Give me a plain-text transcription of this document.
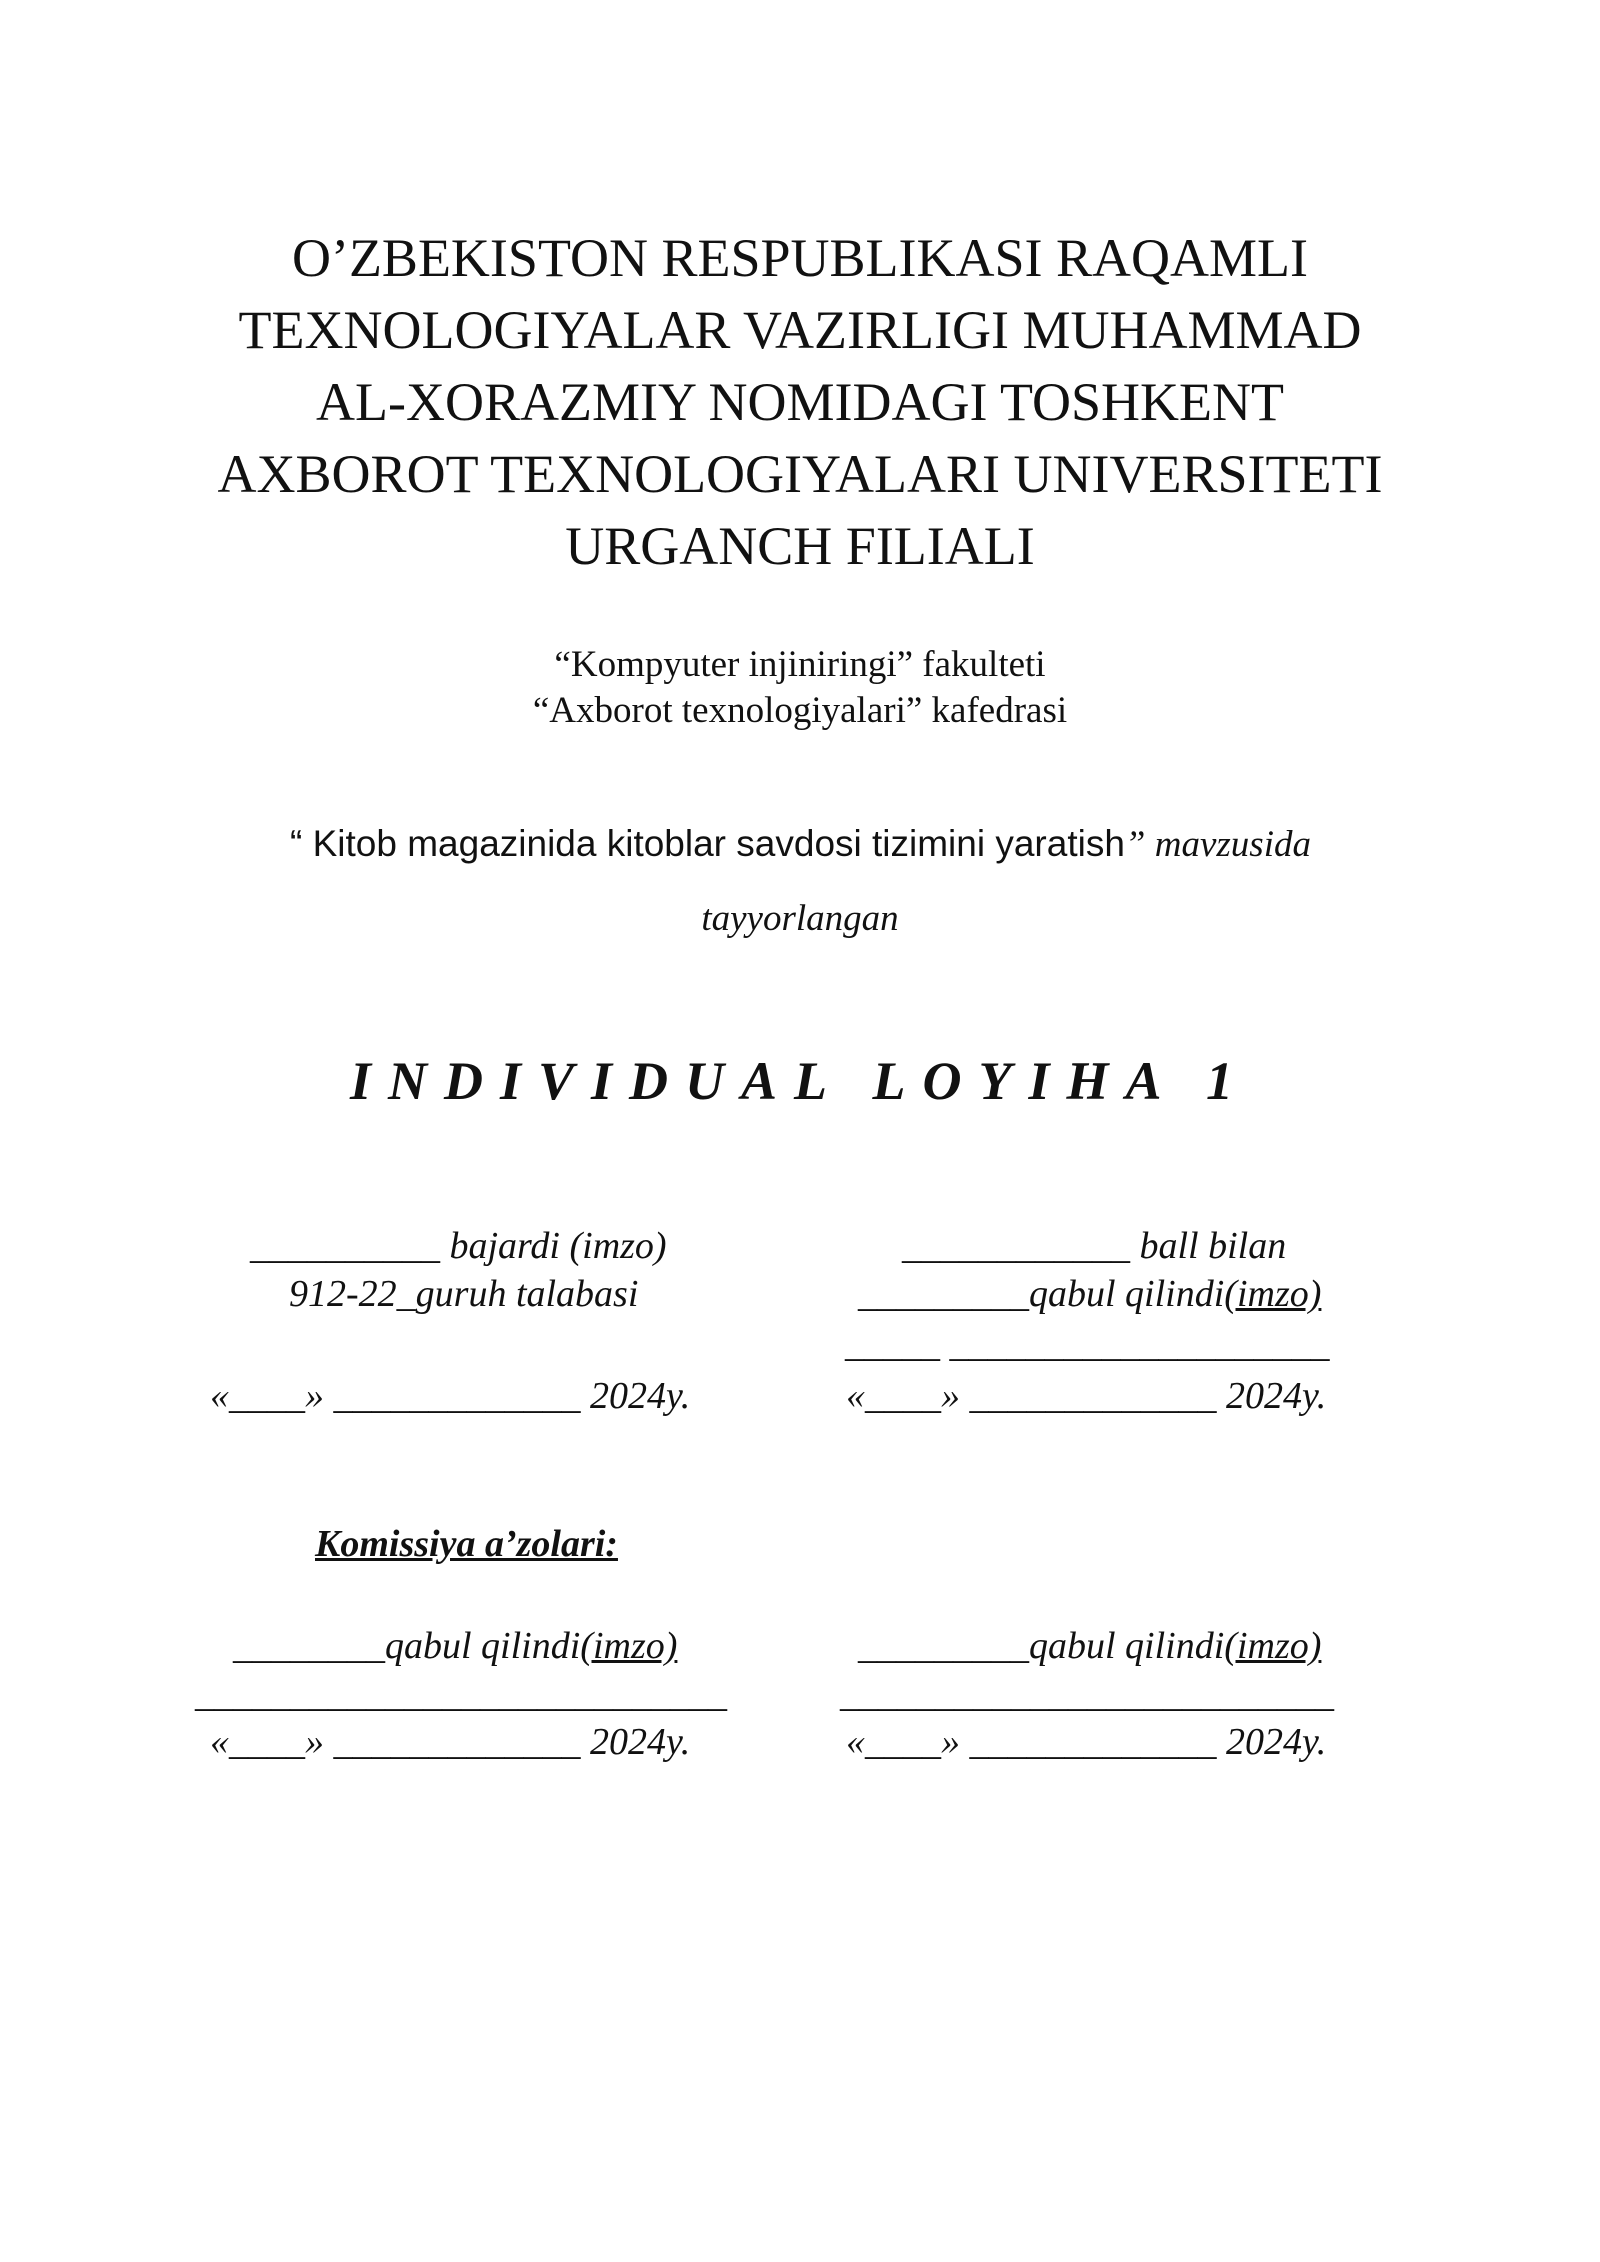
O’ZBEKISTON RESPUBLIKASI RAQAMLI
TEXNOLOGIYALAR VAZIRLIGI MUHAMMAD
AL-XORAZMIY NOMIDAGI TOSHKENT
AXBOROT TEXNOLOGIYALARI UNIVERSITETI
URGANCH FILIALI
“Kompyuter injiniringi” fakulteti
“Axborot texnologiyalari” kafedrasi
“ Kitob magazinida kitoblar savdosi tizimini yaratish” mavzusida
tayyorlangan
INDIVIDUAL LOYIHA 1
__________ bajardi (imzo)
912-22_guruh talabasi
«____» _____________ 2024y.
____________ ball bilan
_________qabul qilindi(imzo)
_____ ____________________
«____» _____________ 2024y.
Komissiya a’zolari:
________qabul qilindi(imzo)
____________________________
«____» _____________ 2024y.
_________qabul qilindi(imzo)
__________________________
«____» _____________ 2024y.
